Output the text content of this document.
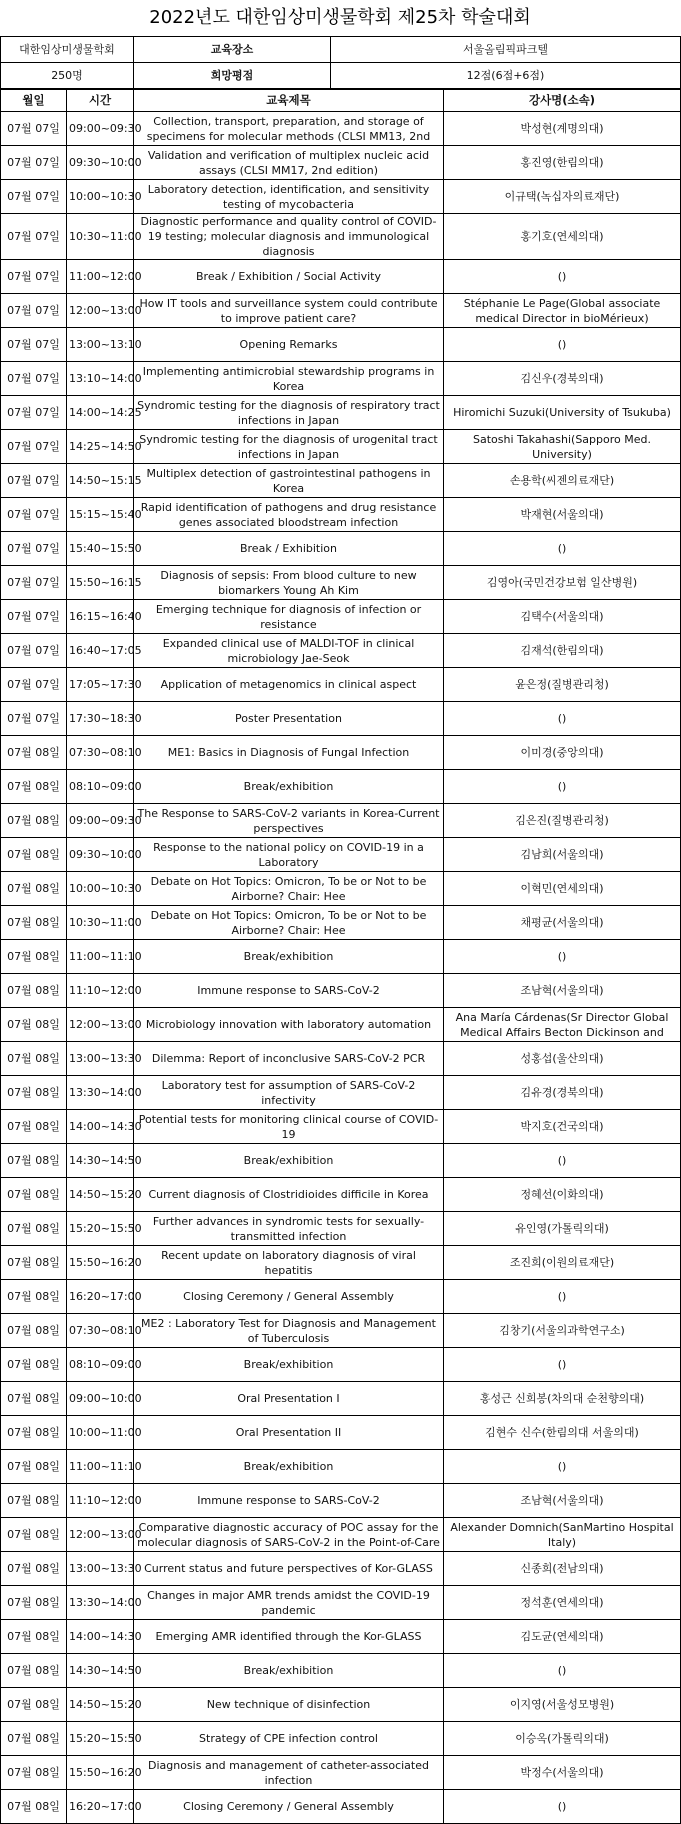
2022년도 대한임상미생물학회 제25차 학술대회
대한임상미생물학회	교육장소	서울올림픽파크텔
250명	희망평점	12점(6점+6점)
월일	시간	교육제목	강사명(소속)
07월 07일	09:00~09:30	Collection, transport, preparation, and storage of specimens for molecular methods (CLSI MM13, 2nd	박성현(계명의대)
07월 07일	09:30~10:00	Validation and verification of multiplex nucleic acid assays (CLSI MM17, 2nd edition)	홍진영(한림의대)
07월 07일	10:00~10:30	Laboratory detection, identification, and sensitivity testing of mycobacteria	이규택(녹십자의료재단)
07월 07일	10:30~11:00	Diagnostic performance and quality control of COVID-19 testing; molecular diagnosis and immunological diagnosis	홍기호(연세의대)
07월 07일	11:00~12:00	Break / Exhibition / Social Activity	()
07월 07일	12:00~13:00	How IT tools and surveillance system could contribute to improve patient care?	Stéphanie Le Page(Global associate medical Director in bioMérieux)
07월 07일	13:00~13:10	Opening Remarks	()
07월 07일	13:10~14:00	Implementing antimicrobial stewardship programs in Korea	김신우(경북의대)
07월 07일	14:00~14:25	Syndromic testing for the diagnosis of respiratory tract infections in Japan	Hiromichi Suzuki(University of Tsukuba)
07월 07일	14:25~14:50	Syndromic testing for the diagnosis of urogenital tract infections in Japan	Satoshi Takahashi(Sapporo Med. University)
07월 07일	14:50~15:15	Multiplex detection of gastrointestinal pathogens in Korea	손용학(씨젠의료재단)
07월 07일	15:15~15:40	Rapid identification of pathogens and drug resistance genes associated bloodstream infection	박재현(서울의대)
07월 07일	15:40~15:50	Break / Exhibition	()
07월 07일	15:50~16:15	Diagnosis of sepsis: From blood culture to new biomarkers Young Ah Kim	김영아(국민건강보험 일산병원)
07월 07일	16:15~16:40	Emerging technique for diagnosis of infection or resistance	김택수(서울의대)
07월 07일	16:40~17:05	Expanded clinical use of MALDI-TOF in clinical microbiology Jae-Seok	김재석(한림의대)
07월 07일	17:05~17:30	Application of metagenomics in clinical aspect	윤은정(질병관리청)
07월 07일	17:30~18:30	Poster Presentation	()
07월 08일	07:30~08:10	ME1: Basics in Diagnosis of Fungal Infection	이미경(중앙의대)
07월 08일	08:10~09:00	Break/exhibition	()
07월 08일	09:00~09:30	The Response to SARS-CoV-2 variants in Korea-Current perspectives	김은진(질병관리청)
07월 08일	09:30~10:00	Response to the national policy on COVID-19 in a Laboratory	김남희(서울의대)
07월 08일	10:00~10:30	Debate on Hot Topics: Omicron, To be or Not to be Airborne? Chair: Hee	이혁민(연세의대)
07월 08일	10:30~11:00	Debate on Hot Topics: Omicron, To be or Not to be Airborne? Chair: Hee	채평균(서울의대)
07월 08일	11:00~11:10	Break/exhibition	()
07월 08일	11:10~12:00	Immune response to SARS-CoV-2	조남혁(서울의대)
07월 08일	12:00~13:00	Microbiology innovation with laboratory automation	Ana María Cárdenas(Sr Director Global Medical Affairs Becton Dickinson and
07월 08일	13:00~13:30	Dilemma: Report of inconclusive SARS-CoV-2 PCR	성홍섭(울산의대)
07월 08일	13:30~14:00	Laboratory test for assumption of SARS-CoV-2 infectivity	김유경(경북의대)
07월 08일	14:00~14:30	Potential tests for monitoring clinical course of COVID-19	박지호(건국의대)
07월 08일	14:30~14:50	Break/exhibition	()
07월 08일	14:50~15:20	Current diagnosis of Clostridioides difficile in Korea	정혜선(이화의대)
07월 08일	15:20~15:50	Further advances in syndromic tests for sexually-transmitted infection	유인영(가톨릭의대)
07월 08일	15:50~16:20	Recent update on laboratory diagnosis of viral hepatitis	조진희(이원의료재단)
07월 08일	16:20~17:00	Closing Ceremony / General Assembly	()
07월 08일	07:30~08:10	ME2 : Laboratory Test for Diagnosis and Management of Tuberculosis	김창기(서울의과학연구소)
07월 08일	08:10~09:00	Break/exhibition	()
07월 08일	09:00~10:00	Oral Presentation I	홍성근 신희봉(차의대 순천향의대)
07월 08일	10:00~11:00	Oral Presentation II	김현수 신수(한림의대 서울의대)
07월 08일	11:00~11:10	Break/exhibition	()
07월 08일	11:10~12:00	Immune response to SARS-CoV-2	조남혁(서울의대)
07월 08일	12:00~13:00	Comparative diagnostic accuracy of POC assay for the molecular diagnosis of SARS-CoV-2 in the Point-of-Care	Alexander Domnich(SanMartino Hospital Italy)
07월 08일	13:00~13:30	Current status and future perspectives of Kor-GLASS	신종희(전남의대)
07월 08일	13:30~14:00	Changes in major AMR trends amidst the COVID-19 pandemic	정석훈(연세의대)
07월 08일	14:00~14:30	Emerging AMR identified through the Kor-GLASS	김도균(연세의대)
07월 08일	14:30~14:50	Break/exhibition	()
07월 08일	14:50~15:20	New technique of disinfection	이지영(서울성모병원)
07월 08일	15:20~15:50	Strategy of CPE infection control	이승옥(가톨릭의대)
07월 08일	15:50~16:20	Diagnosis and management of catheter-associated infection	박정수(서울의대)
07월 08일	16:20~17:00	Closing Ceremony / General Assembly	()
